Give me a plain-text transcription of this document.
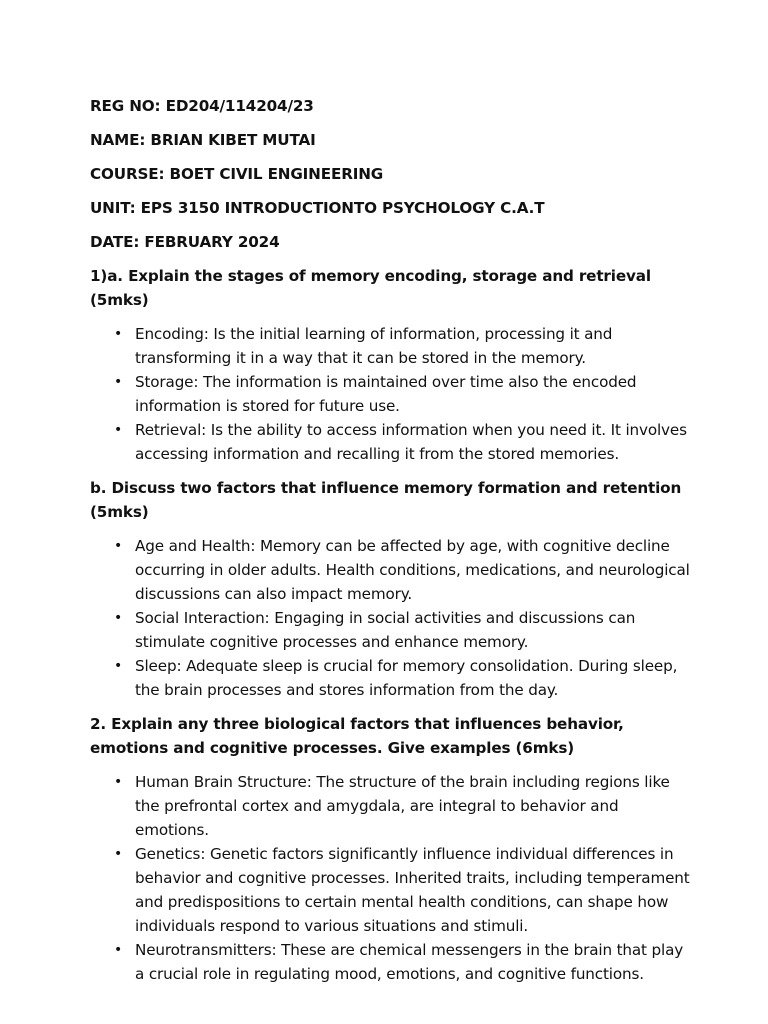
REG NO: ED204/114204/23
NAME: BRIAN KIBET MUTAI
COURSE: BOET CIVIL ENGINEERING
UNIT: EPS 3150 INTRODUCTIONTO PSYCHOLOGY C.A.T
DATE: FEBRUARY 2024
1)a. Explain the stages of memory encoding, storage and retrieval (5mks)
• Encoding: Is the initial learning of information, processing it and transforming it in a way that it can be stored in the memory.
• Storage: The information is maintained over time also the encoded information is stored for future use.
• Retrieval: Is the ability to access information when you need it. It involves accessing information and recalling it from the stored memories.
b. Discuss two factors that influence memory formation and retention (5mks)
• Age and Health: Memory can be affected by age, with cognitive decline occurring in older adults. Health conditions, medications, and neurological discussions can also impact memory.
• Social Interaction: Engaging in social activities and discussions can stimulate cognitive processes and enhance memory.
• Sleep: Adequate sleep is crucial for memory consolidation. During sleep, the brain processes and stores information from the day.
2. Explain any three biological factors that influences behavior, emotions and cognitive processes. Give examples (6mks)
• Human Brain Structure: The structure of the brain including regions like the prefrontal cortex and amygdala, are integral to behavior and emotions.
• Genetics: Genetic factors significantly influence individual differences in behavior and cognitive processes. Inherited traits, including temperament and predispositions to certain mental health conditions, can shape how individuals respond to various situations and stimuli.
• Neurotransmitters: These are chemical messengers in the brain that play a crucial role in regulating mood, emotions, and cognitive functions.
